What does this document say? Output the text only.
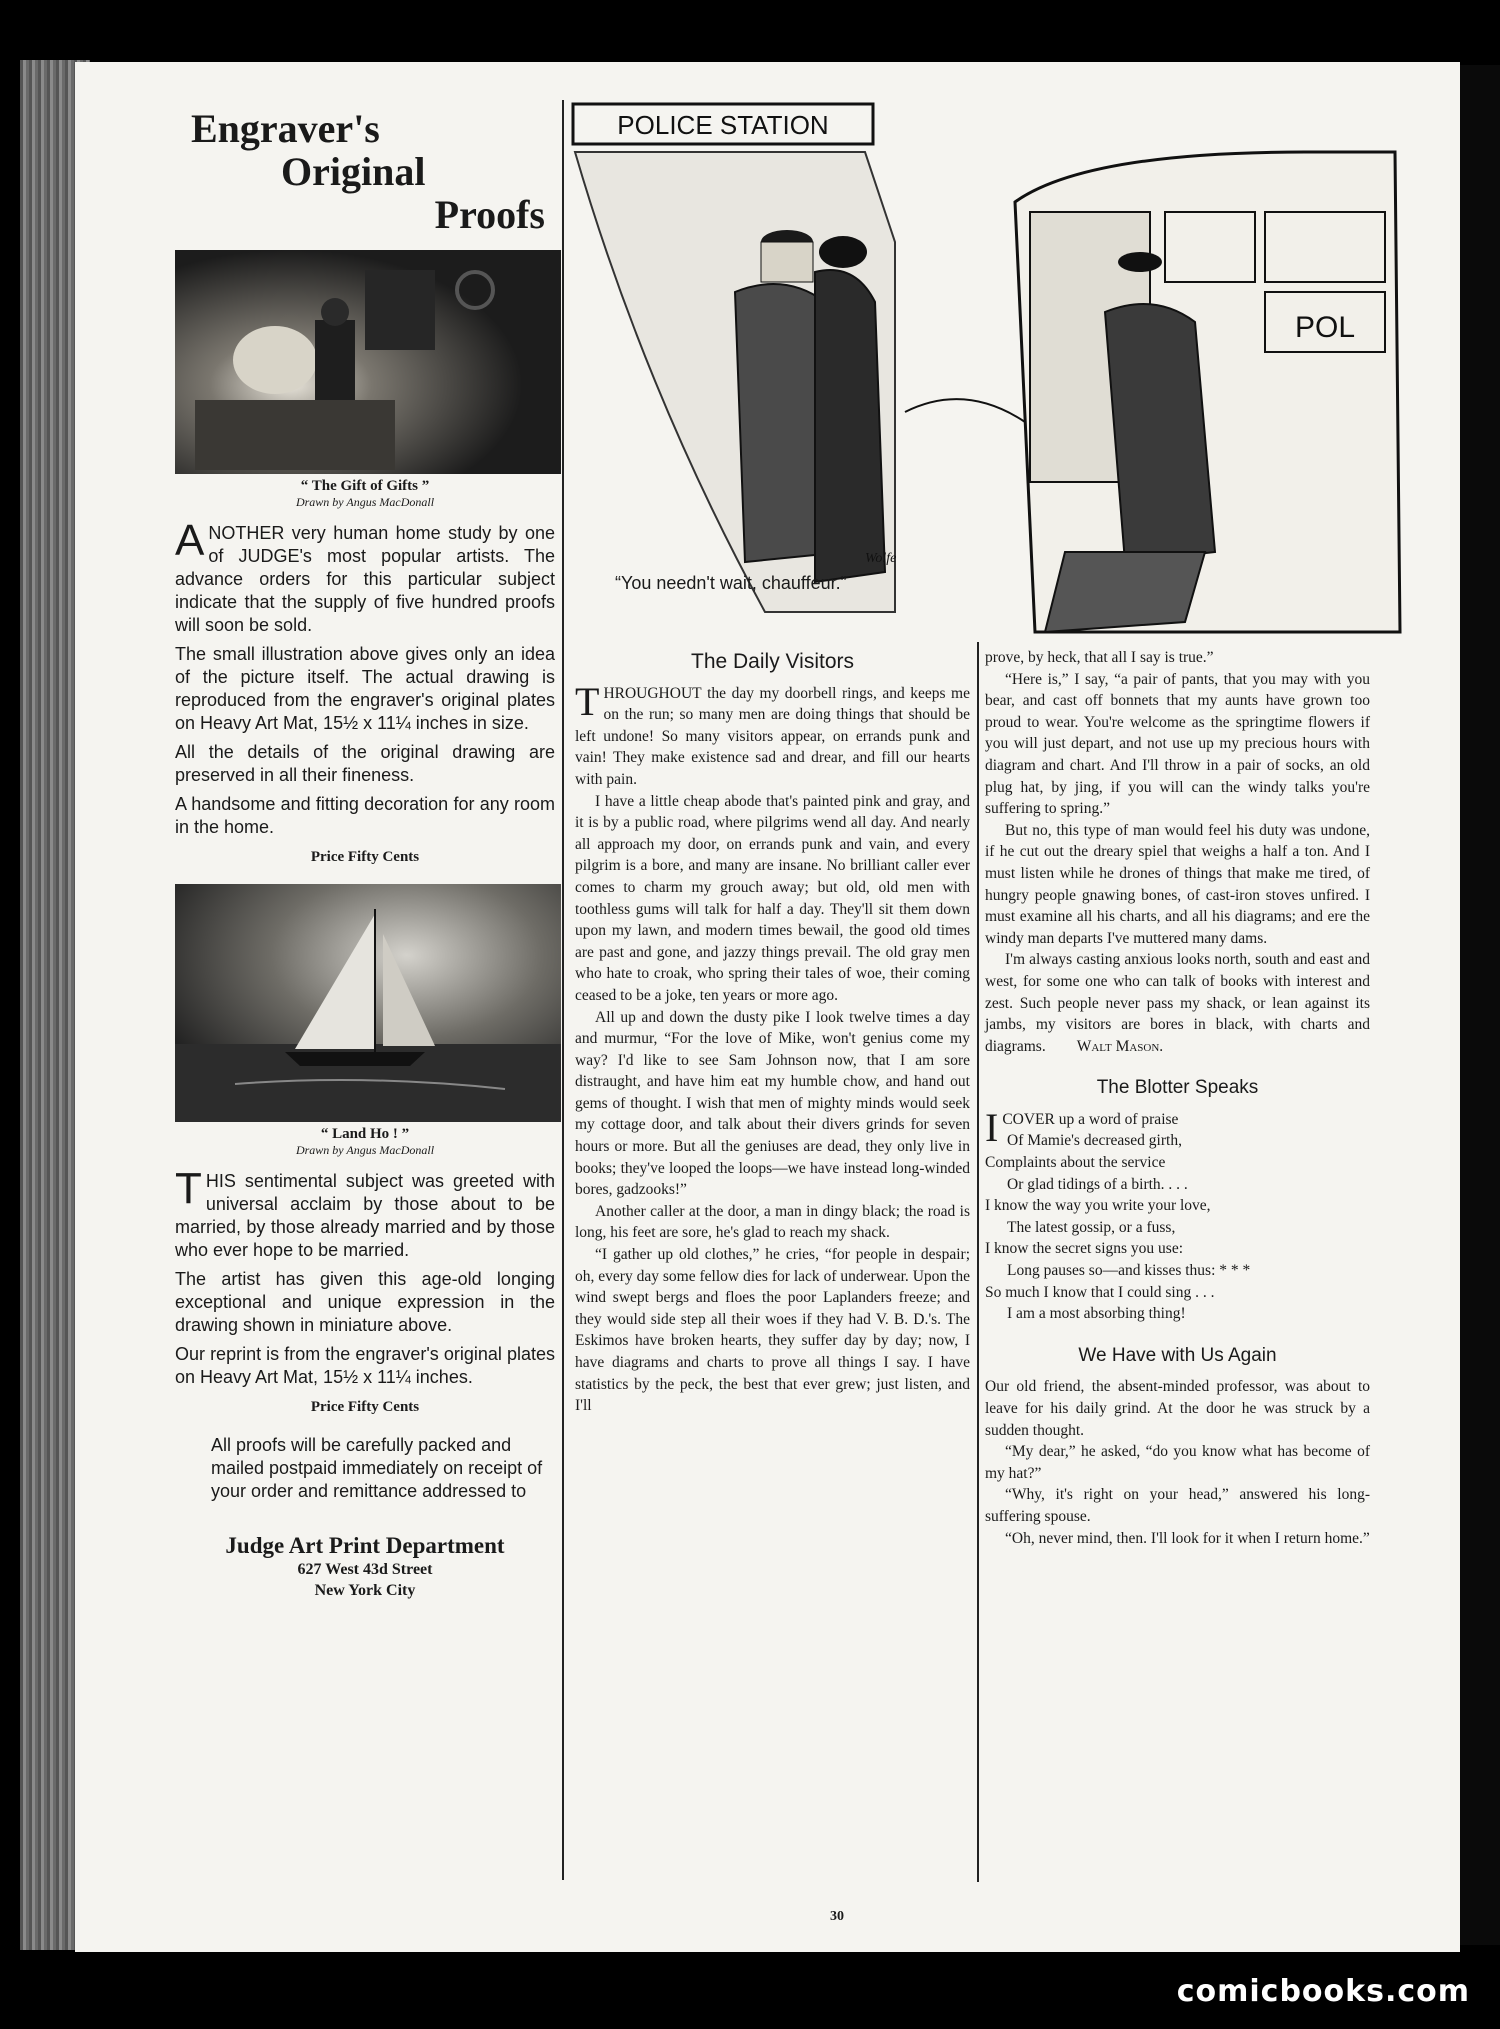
Engraver's
Original
Proofs
“ The Gift of Gifts ”
Drawn by Angus MacDonall

ANOTHER very human home study by one of JUDGE's most popular artists. The advance orders for this particular subject indicate that the supply of five hundred proofs will soon be sold.

The small illustration above gives only an idea of the picture itself. The actual drawing is reproduced from the engraver's original plates on Heavy Art Mat, 15½ x 11¼ inches in size.

All the details of the original drawing are preserved in all their fineness.

A handsome and fitting decoration for any room in the home.

Price Fifty Cents
“ Land Ho ! ”
Drawn by Angus MacDonall

THIS sentimental subject was greeted with universal acclaim by those about to be married, by those already married and by those who ever hope to be married.

The artist has given this age-old longing exceptional and unique expression in the drawing shown in miniature above.

Our reprint is from the engraver's original plates on Heavy Art Mat, 15½ x 11¼ inches.

Price Fifty Cents

All proofs will be carefully packed and mailed postpaid immediately on receipt of your order and remittance addressed to

Judge Art Print Department
627 West 43d Street
New York City
POLICE STATION
POL
Wolfe
“You needn't wait, chauffeur.”
The Daily Visitors

THROUGHOUT the day my doorbell rings, and keeps me on the run; so many men are doing things that should be left undone! So many visitors appear, on errands punk and vain! They make existence sad and drear, and fill our hearts with pain.

I have a little cheap abode that's painted pink and gray, and it is by a public road, where pilgrims wend all day. And nearly all approach my door, on errands punk and vain, and every pilgrim is a bore, and many are insane. No brilliant caller ever comes to charm my grouch away; but old, old men with toothless gums will talk for half a day. They'll sit them down upon my lawn, and modern times bewail, the good old times are past and gone, and jazzy things prevail. The old gray men who hate to croak, who spring their tales of woe, their coming ceased to be a joke, ten years or more ago.

All up and down the dusty pike I look twelve times a day and murmur, “For the love of Mike, won't genius come my way? I'd like to see Sam Johnson now, that I am sore distraught, and have him eat my humble chow, and hand out gems of thought. I wish that men of mighty minds would seek my cottage door, and talk about their divers grinds for seven hours or more. But all the geniuses are dead, they only live in books; they've looped the loops—we have instead long-winded bores, gadzooks!”

Another caller at the door, a man in dingy black; the road is long, his feet are sore, he's glad to reach my shack.

“I gather up old clothes,” he cries, “for people in despair; oh, every day some fellow dies for lack of underwear. Upon the wind swept bergs and floes the poor Laplanders freeze; and they would side step all their woes if they had V. B. D.'s. The Eskimos have broken hearts, they suffer day by day; now, I have diagrams and charts to prove all things I say. I have statistics by the peck, the best that ever grew; just listen, and I'll

prove, by heck, that all I say is true.”

“Here is,” I say, “a pair of pants, that you may with you bear, and cast off bonnets that my aunts have grown too proud to wear. You're welcome as the springtime flowers if you will just depart, and not use up my precious hours with diagram and chart. And I'll throw in a pair of socks, an old plug hat, by jing, if you will can the windy talks you're suffering to spring.”

But no, this type of man would feel his duty was undone, if he cut out the dreary spiel that weighs a half a ton. And I must listen while he drones of things that make me tired, of hungry people gnawing bones, of cast-iron stoves unfired. I must examine all his charts, and all his diagrams; and ere the windy man departs I've muttered many dams.

I'm always casting anxious looks north, south and east and west, for some one who can talk of books with interest and zest. Such people never pass my shack, or lean against its jambs, my visitors are bores in black, with charts and diagrams. Walt Mason.

The Blotter Speaks
ICOVER up a word of praise
Of Mamie's decreased girth,
Complaints about the service
Or glad tidings of a birth. . . .
I know the way you write your love,
The latest gossip, or a fuss,
I know the secret signs you use:
Long pauses so—and kisses thus: * * *
So much I know that I could sing . . .
I am a most absorbing thing!
We Have with Us Again

Our old friend, the absent-minded professor, was about to leave for his daily grind. At the door he was struck by a sudden thought.

“My dear,” he asked, “do you know what has become of my hat?”

“Why, it's right on your head,” answered his long-suffering spouse.

“Oh, never mind, then. I'll look for it when I return home.”

30
comicbooks.com
